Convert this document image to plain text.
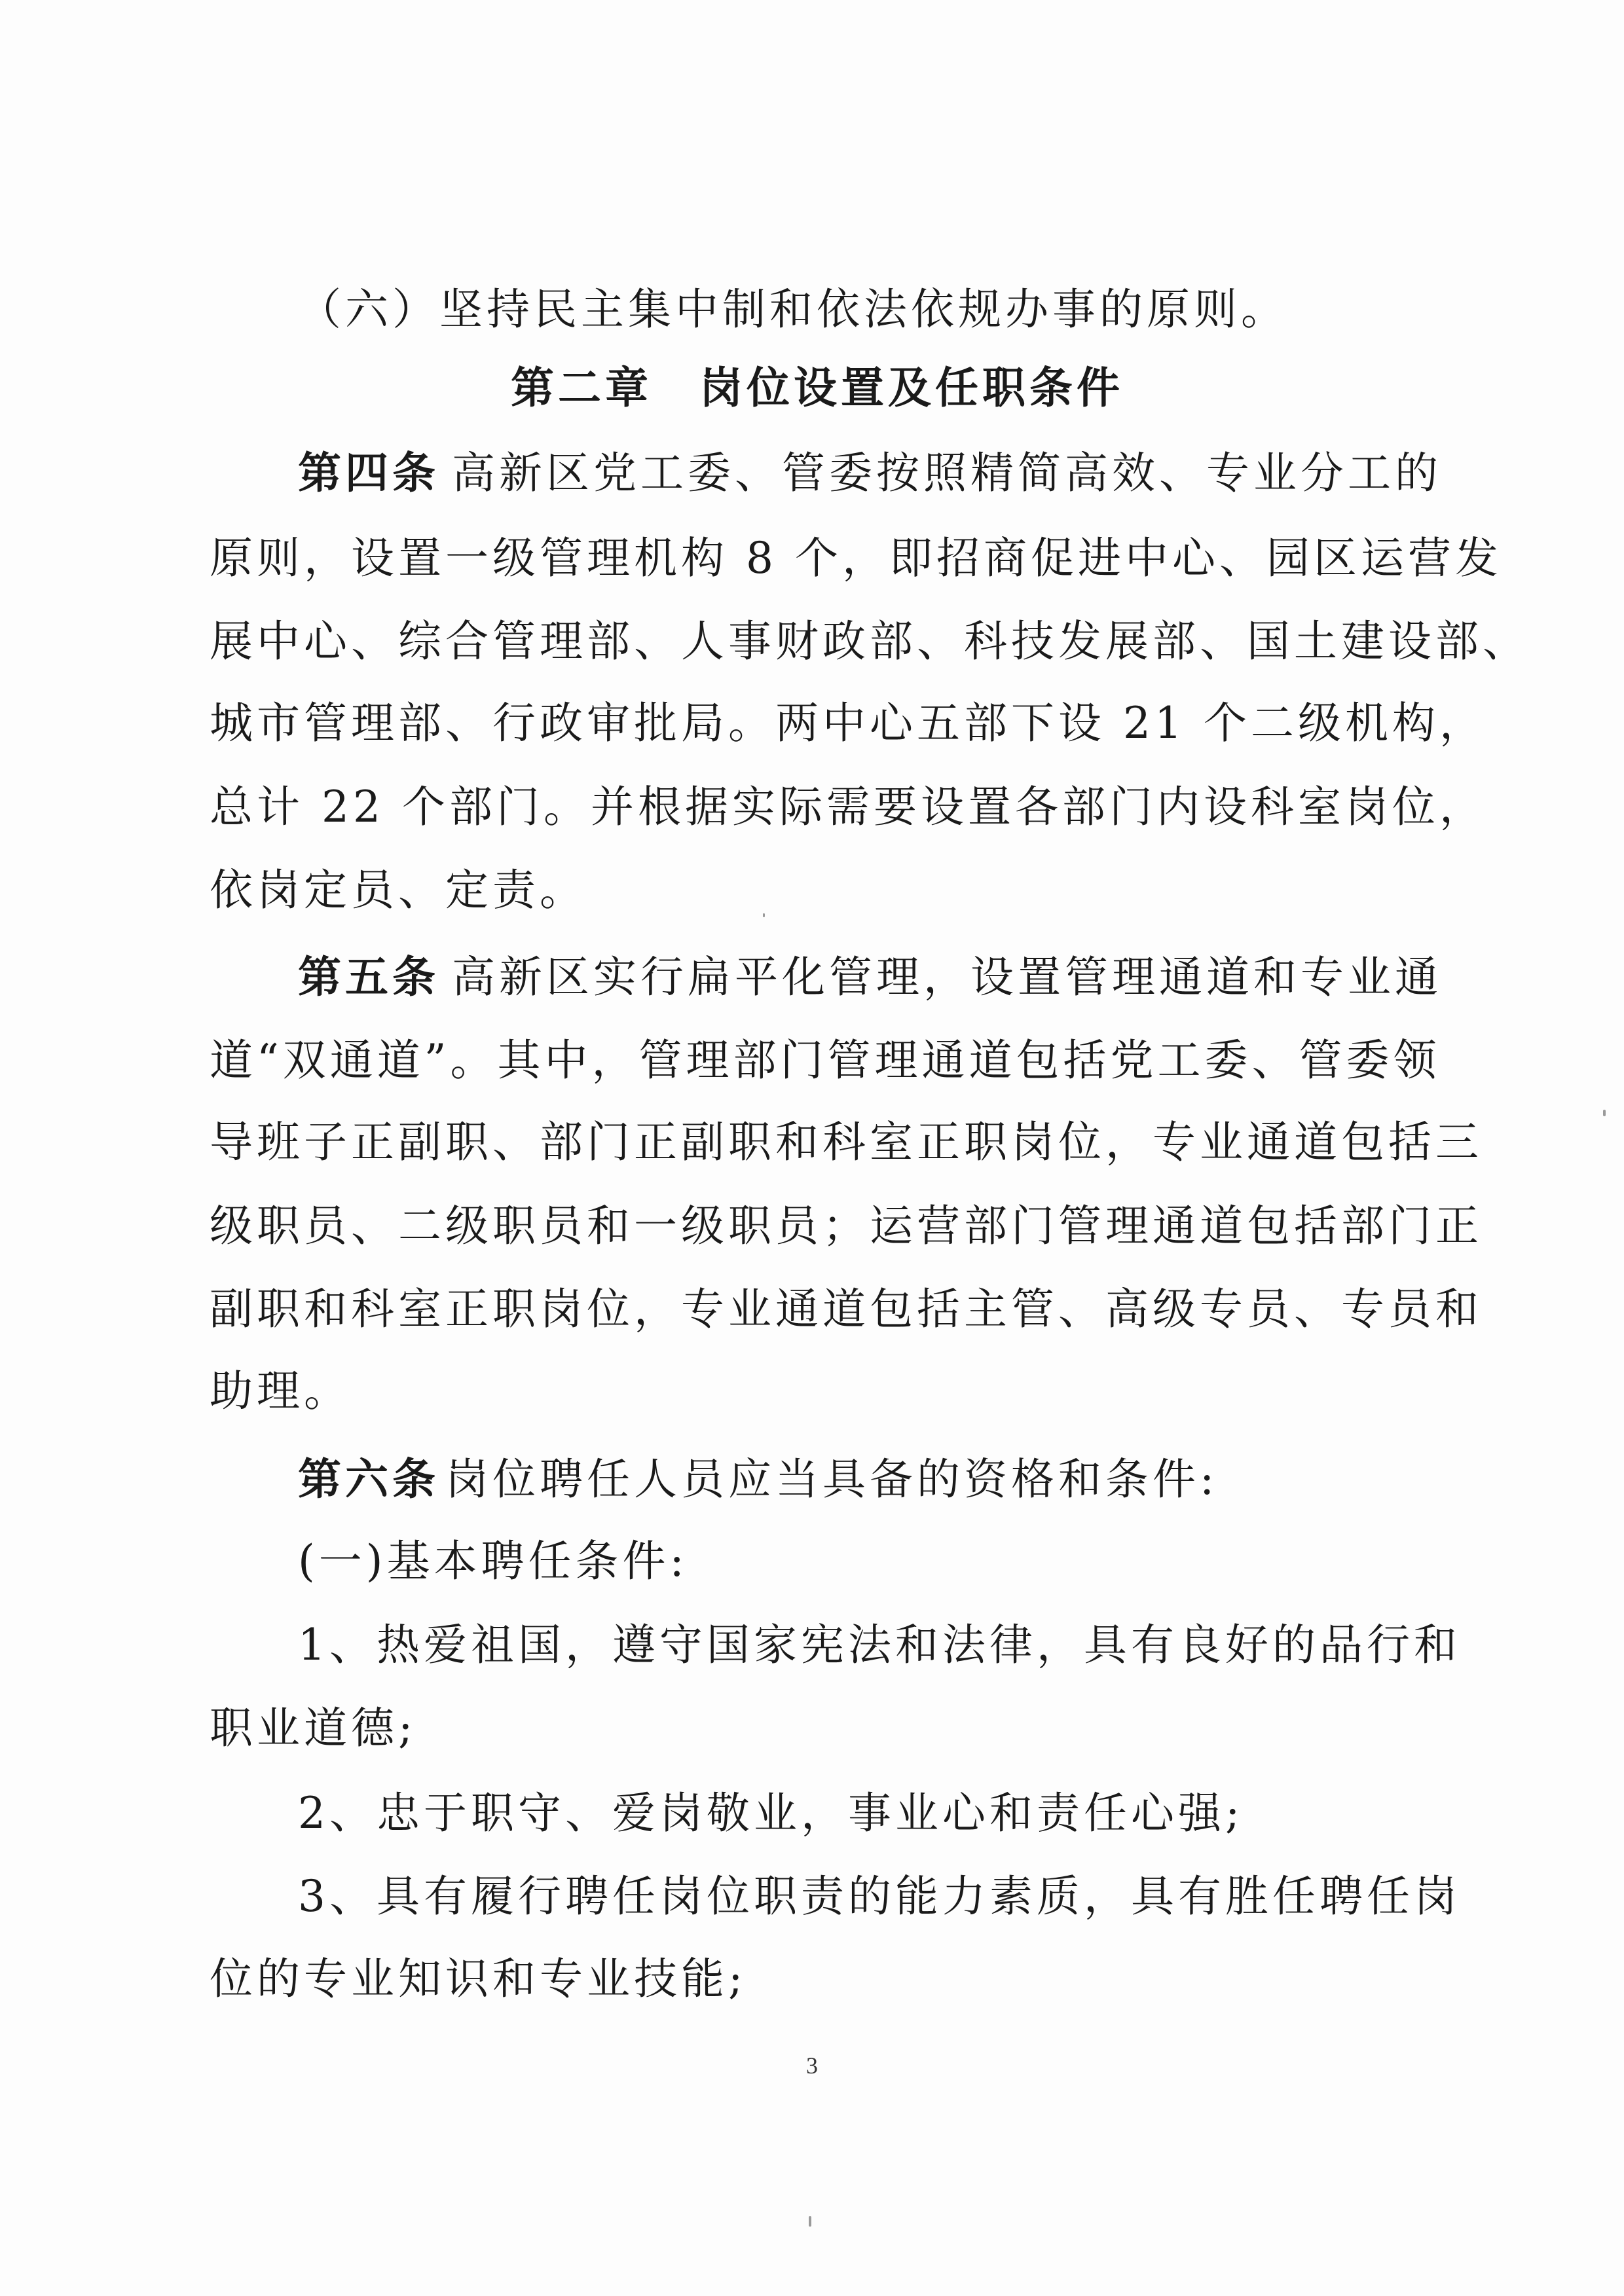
（六）坚持民主集中制和依法依规办事的原则。
第二章　岗位设置及任职条件
第四条 高新区党工委、管委按照精简高效、专业分工的
原则，设置一级管理机构 8 个，即招商促进中心、园区运营发
展中心、综合管理部、人事财政部、科技发展部、国土建设部、
城市管理部、行政审批局。两中心五部下设 21 个二级机构，
总计 22 个部门。并根据实际需要设置各部门内设科室岗位，
依岗定员、定责。
第五条 高新区实行扁平化管理，设置管理通道和专业通
道“双通道”。其中，管理部门管理通道包括党工委、管委领
导班子正副职、部门正副职和科室正职岗位，专业通道包括三
级职员、二级职员和一级职员；运营部门管理通道包括部门正
副职和科室正职岗位，专业通道包括主管、高级专员、专员和
助理。
第六条 岗位聘任人员应当具备的资格和条件:
(一)基本聘任条件:
1、热爱祖国，遵守国家宪法和法律，具有良好的品行和
职业道德;
2、忠于职守、爱岗敬业，事业心和责任心强;
3、具有履行聘任岗位职责的能力素质，具有胜任聘任岗
位的专业知识和专业技能;
3
